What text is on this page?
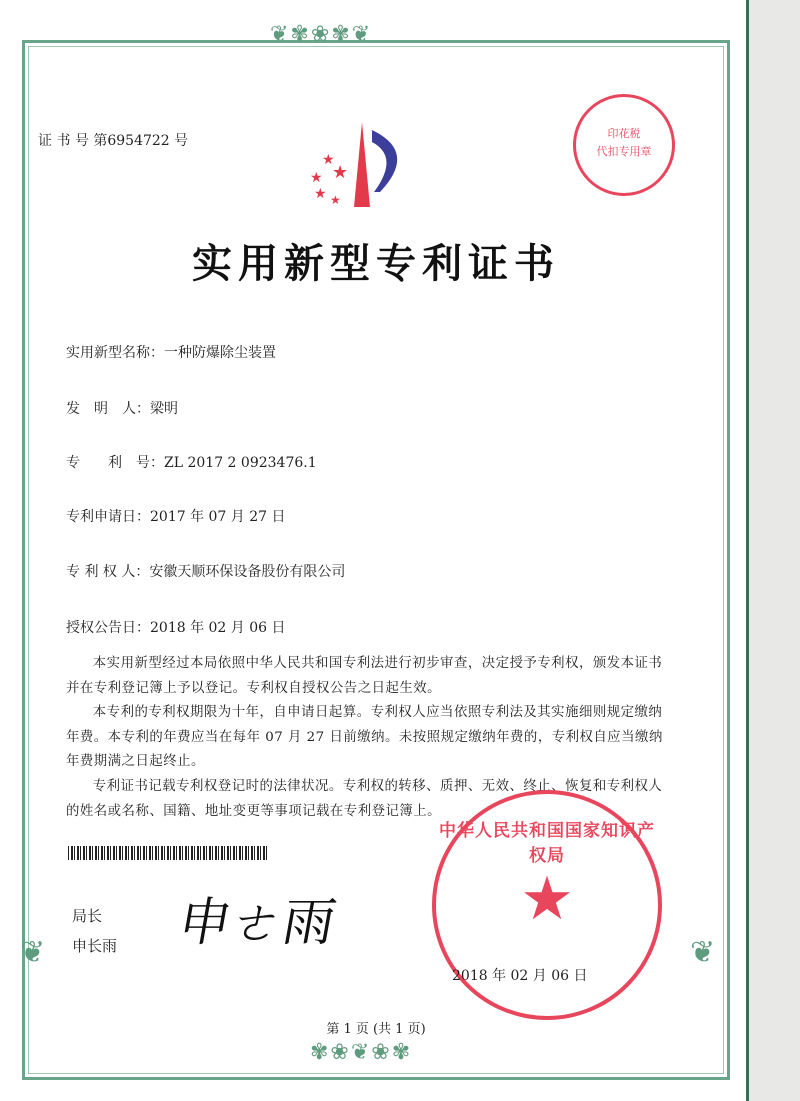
❦✾❀✾❦
❦	❦
✾❀❦❀✾
证 书 号 第6954722 号
★
★ ★
★ ★
印花税
代扣专用章
实用新型专利证书
实用新型名称：一种防爆除尘装置
发　明　人：梁明
专　　利　号：ZL 2017 2 0923476.1
专利申请日：2017 年 07 月 27 日
专 利 权 人：安徽天顺环保设备股份有限公司
授权公告日：2018 年 02 月 06 日
本实用新型经过本局依照中华人民共和国专利法进行初步审查，决定授予专利权，颁发本证书并在专利登记簿上予以登记。专利权自授权公告之日起生效。
本专利的专利权期限为十年，自申请日起算。专利权人应当依照专利法及其实施细则规定缴纳年费。本专利的年费应当在每年 07 月 27 日前缴纳。未按照规定缴纳年费的，专利权自应当缴纳年费期满之日起终止。
专利证书记载专利权登记时的法律状况。专利权的转移、质押、无效、终止、恢复和专利权人的姓名或名称、国籍、地址变更等事项记载在专利登记簿上。
局长
申长雨 申ㄜ雨
中华人民共和国国家知识产权局
★
2018 年 02 月 06 日
第 1 页 (共 1 页)
